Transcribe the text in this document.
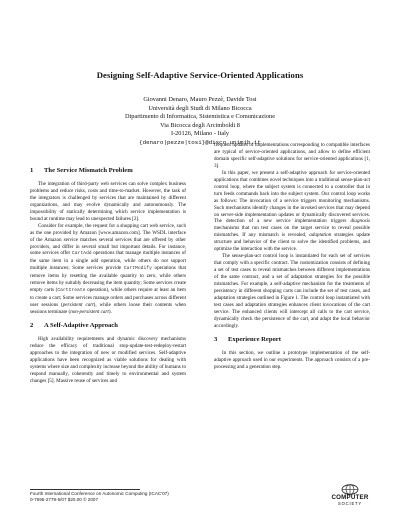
Designing Self-Adaptive Service-Oriented Applications
Giovanni Denaro, Mauro Pezzè, Davide Tosi
Università degli Studi di Milano Bicocca
Dipartimento di Informatica, Sistemistica e Comunicazione
Via Bicocca degli Arcimboldi 8
I-20126, Milano - Italy
{denaro|pezze|tosi}@disco.unimib.it
1 The Service Mismatch Problem

The integration of third-party web services can solve complex business problems and reduce risks, costs and time-to-market. However, the task of the integrators is challenged by services that are maintained by different organizations, and may evolve dynamically and autonomously. The impossibility of statically determining which service implementation is bound at runtime may lead to unexpected failures [2].

Consider for example, the request for a shopping cart web service, such as the one provided by Amazon [www.amazon.com]. The WSDL interface of the Amazon service matches several services that are offered by other providers, and differ in several small but important details. For instance, some services offer CartAdd operations that manage multiple instances of the same item in a single add operation, while others do not support multiple instances; Some services provide CartModify operations that remove items by resetting the available quantity to zero, while others remove items by suitably decreasing the item quantity; Some services create empty carts (CartCreate operation), while others require at least an item to create a cart; Some services manage orders and purchases across different user sessions (persistent cart), while others loose their contents when sessions terminate (non-persistent cart).

2 A Self-Adaptive Approach

High availability requirements and dynamic discovery mechanisms reduce the efficacy of traditional stop-update-test-redeploy-restart approaches to the integration of new or modified services. Self-adaptive applications have been recognized as viable solutions for dealing with systems where size and complexity increase beyond the ability of humans to respond manually, coherently and timely to environmental and system changes [5]. Massive reuse of services and

frequent updates of implementations corresponding to compatible interfaces are typical of service-oriented applications, and allow to define efficient domain specific self-adaptive solutions for service-oriented applications [1, 3].

In this paper, we present a self-adaptive approach for service-oriented applications that combines novel techniques into a traditional sense-plan-act control loop, where the subject system is connected to a controller that in turn feeds commands back into the subject system. Our control loop works as follows: The invocation of a service triggers monitoring mechanisms. Such mechanisms identify changes in the invoked services that may depend on server-side implementation updates or dynamically discovered services. The detection of a new service implementation triggers diagnosis mechanisms that run test cases on the target service to reveal possible mismatches. If any mismatch is revealed, adaptation strategies update structure and behavior of the client to solve the identified problems, and optimize the interaction with the service.

The sense-plan-act control loop is instantiated for each set of services that comply with a specific contract. The customization consists of defining a set of test cases to reveal mismatches between different implementations of the same contract, and a set of adaptation strategies for the possible mismatches. For example, a self-adaptive mechanism for the treatments of persistency in different shopping carts can include the set of test cases, and adaptation strategies outlined in Figure 1. The control loop instantiated with test cases and adaptation strategies enhances client invocations of the cart service. The enhanced clients will intercept all calls to the cart service, dynamically check the persistence of the cart, and adapt the local behavior accordingly.

3 Experience Report

In this section, we outline a prototype implementation of the self-adaptive approach used in our experiments. The approach consists of a pre-processing and a generation step.

Fourth International Conference on Autonomic Computing (ICAC'07)
0-7695-2779-5/07 $20.00 © 2007	COMPUTER
SOCIETY
